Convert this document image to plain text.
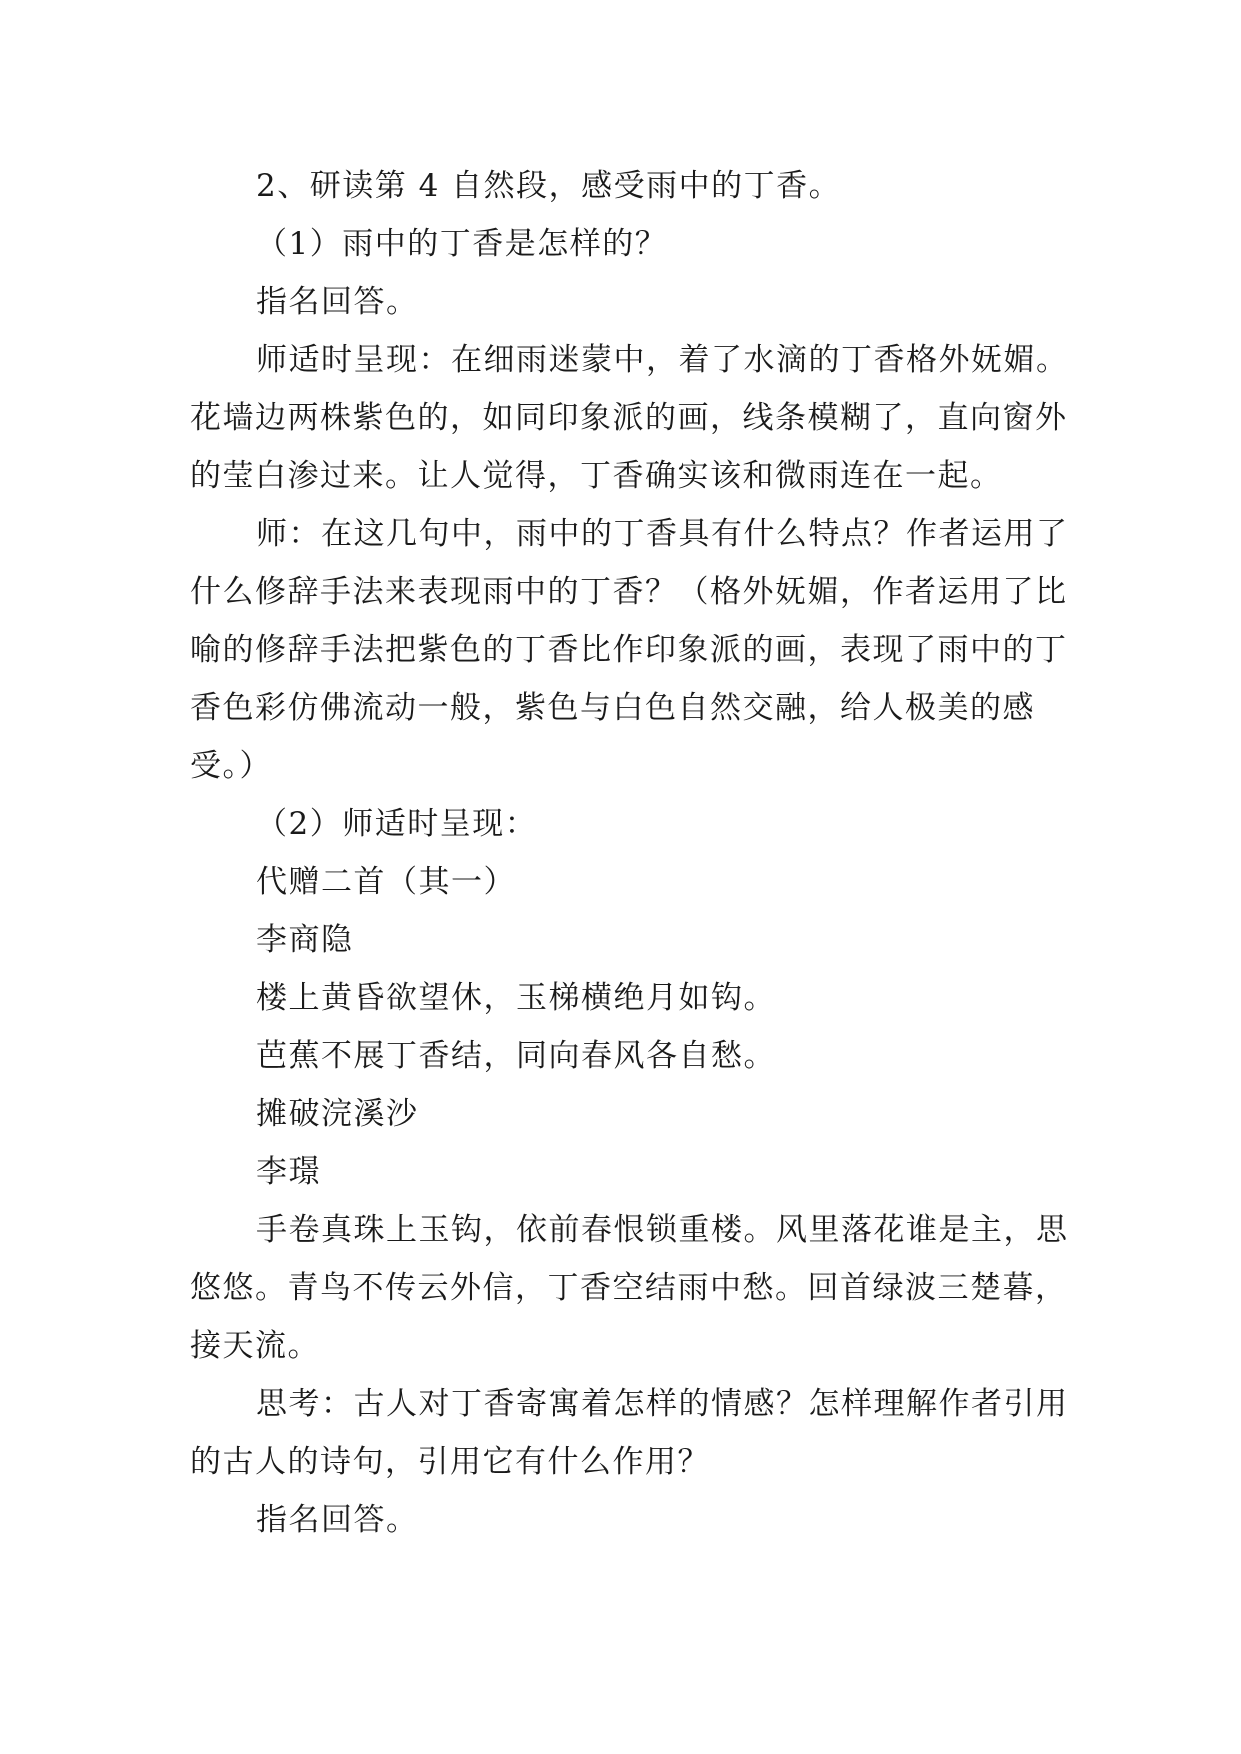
2、研读第 4 自然段，感受雨中的丁香。

（1）雨中的丁香是怎样的？

指名回答。

师适时呈现：在细雨迷蒙中，着了水滴的丁香格外妩媚。花墙边两株紫色的，如同印象派的画，线条模糊了，直向窗外的莹白渗过来。让人觉得，丁香确实该和微雨连在一起。

师：在这几句中，雨中的丁香具有什么特点？作者运用了什么修辞手法来表现雨中的丁香？（格外妩媚，作者运用了比喻的修辞手法把紫色的丁香比作印象派的画，表现了雨中的丁香色彩仿佛流动一般，紫色与白色自然交融，给人极美的感受。）

（2）师适时呈现：

代赠二首（其一）

李商隐

楼上黄昏欲望休，玉梯横绝月如钩。

芭蕉不展丁香结，同向春风各自愁。

摊破浣溪沙

李璟

手卷真珠上玉钩，依前春恨锁重楼。风里落花谁是主，思悠悠。青鸟不传云外信，丁香空结雨中愁。回首绿波三楚暮，接天流。

思考：古人对丁香寄寓着怎样的情感？怎样理解作者引用的古人的诗句，引用它有什么作用？

指名回答。
